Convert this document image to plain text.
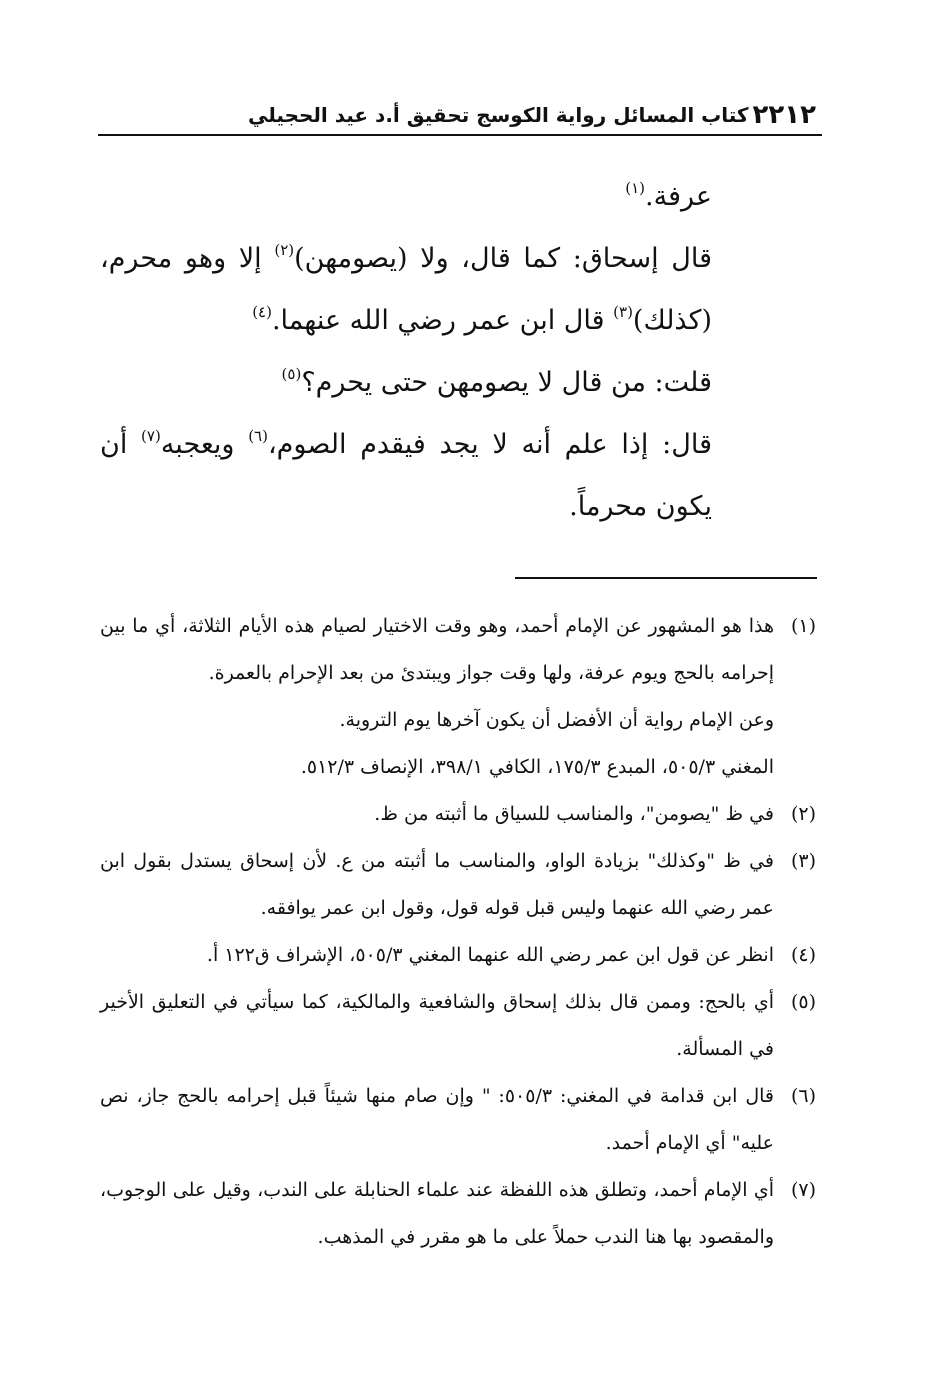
٢٢١٢
كتاب المسائل رواية الكوسج تحقيق أ.د عيد الحجيلي

عرفة.$^{(١)}$

قال إسحاق: كما قال، ولا (يصومهن)$^{(٢)}$ إلا وهو محرم، (كذلك)$^{(٣)}$ قال ابن عمر رضي الله عنهما.$^{(٤)}$

قلت: من قال لا يصومهن حتى يحرم؟$^{(٥)}$

قال: إذا علم أنه لا يجد فيقدم الصوم،$^{(٦)}$ ويعجبه$^{(٧)}$ أن يكون محرماً.

(١)
هذا هو المشهور عن الإمام أحمد، وهو وقت الاختيار لصيام هذه الأيام الثلاثة، أي ما بين إحرامه بالحج ويوم عرفة، ولها وقت جواز ويبتدئ من بعد الإحرام بالعمرة.
وعن الإمام رواية أن الأفضل أن يكون آخرها يوم التروية.
المغني ٥٠٥/٣، المبدع ١٧٥/٣، الكافي ٣٩٨/١، الإنصاف ٥١٢/٣.
(٢)
في ظ "يصومن"، والمناسب للسياق ما أثبته من ظ.
(٣)
في ظ "وكذلك" بزيادة الواو، والمناسب ما أثبته من ع. لأن إسحاق يستدل بقول ابن عمر رضي الله عنهما وليس قبل قوله قول، وقول ابن عمر يوافقه.
(٤)
انظر عن قول ابن عمر رضي الله عنهما المغني ٥٠٥/٣، الإشراف ق١٢٢ أ.
(٥)
أي بالحج: وممن قال بذلك إسحاق والشافعية والمالكية، كما سيأتي في التعليق الأخير في المسألة.
(٦)
قال ابن قدامة في المغني: ٥٠٥/٣: " وإن صام منها شيئاً قبل إحرامه بالحج جاز، نص عليه" أي الإمام أحمد.
(٧)
أي الإمام أحمد، وتطلق هذه اللفظة عند علماء الحنابلة على الندب، وقيل على الوجوب، والمقصود بها هنا الندب حملاً على ما هو مقرر في المذهب.
